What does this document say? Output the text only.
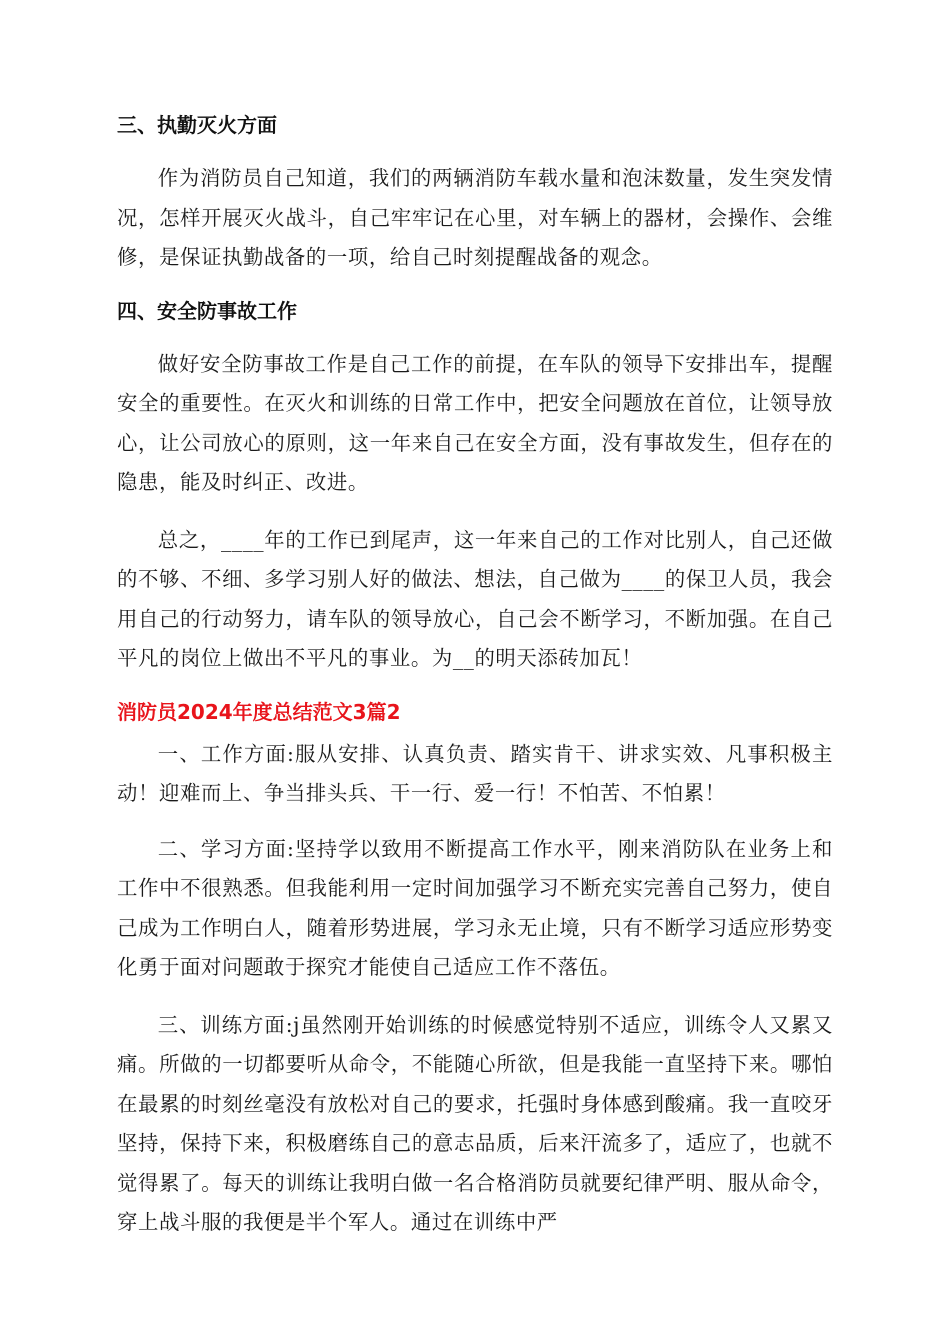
三、执勤灭火方面

作为消防员自己知道，我们的两辆消防车载水量和泡沫数量，发生突发情况，怎样开展灭火战斗，自己牢牢记在心里，对车辆上的器材，会操作、会维修，是保证执勤战备的一项，给自己时刻提醒战备的观念。

四、安全防事故工作

做好安全防事故工作是自己工作的前提，在车队的领导下安排出车，提醒安全的重要性。在灭火和训练的日常工作中，把安全问题放在首位，让领导放心，让公司放心的原则，这一年来自己在安全方面，没有事故发生，但存在的隐患，能及时纠正、改进。

总之，____年的工作已到尾声，这一年来自己的工作对比别人，自己还做的不够、不细、多学习别人好的做法、想法，自己做为____的保卫人员，我会用自己的行动努力，请车队的领导放心，自己会不断学习，不断加强。在自己平凡的岗位上做出不平凡的事业。为__的明天添砖加瓦！

消防员2024年度总结范文3篇2

一、工作方面:服从安排、认真负责、踏实肯干、讲求实效、凡事积极主动！迎难而上、争当排头兵、干一行、爱一行！不怕苦、不怕累！

二、学习方面:坚持学以致用不断提高工作水平，刚来消防队在业务上和工作中不很熟悉。但我能利用一定时间加强学习不断充实完善自己努力，使自己成为工作明白人，随着形势进展，学习永无止境，只有不断学习适应形势变化勇于面对问题敢于探究才能使自己适应工作不落伍。

三、训练方面:j虽然刚开始训练的时候感觉特别不适应，训练令人又累又痛。所做的一切都要听从命令，不能随心所欲，但是我能一直坚持下来。哪怕在最累的时刻丝毫没有放松对自己的要求，托强时身体感到酸痛。我一直咬牙坚持，保持下来，积极磨练自己的意志品质，后来汗流多了，适应了，也就不觉得累了。每天的训练让我明白做一名合格消防员就要纪律严明、服从命令，穿上战斗服的我便是半个军人。通过在训练中严
